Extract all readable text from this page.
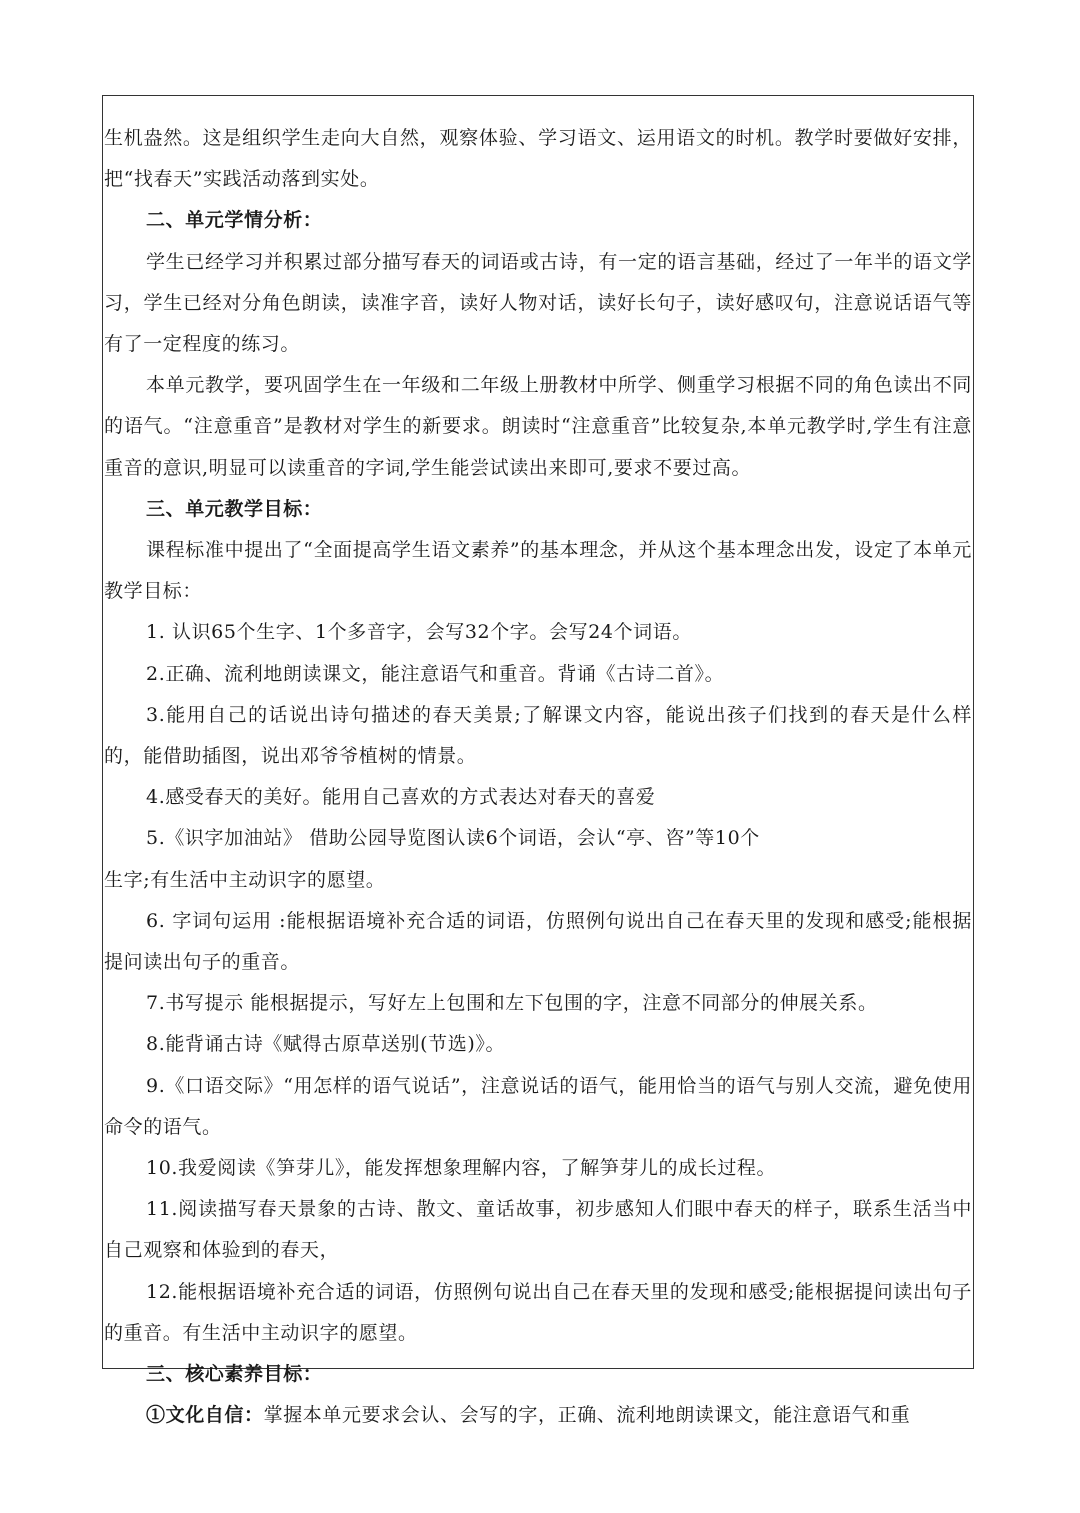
生机盎然。这是组织学生走向大自然，观察体验、学习语文、运用语文的时机。教学时要做好安排，把“找春天”实践活动落到实处。

二、单元学情分析：

学生已经学习并积累过部分描写春天的词语或古诗，有一定的语言基础，经过了一年半的语文学习，学生已经对分角色朗读，读准字音，读好人物对话，读好长句子，读好感叹句，注意说话语气等有了一定程度的练习。

本单元教学，要巩固学生在一年级和二年级上册教材中所学、侧重学习根据不同的角色读出不同的语气。“注意重音”是教材对学生的新要求。朗读时“注意重音”比较复杂,本单元教学时,学生有注意重音的意识,明显可以读重音的字词,学生能尝试读出来即可,要求不要过高。

三、单元教学目标：

课程标准中提出了“全面提高学生语文素养”的基本理念，并从这个基本理念出发，设定了本单元教学目标：

1. 认识65个生字、1个多音字，会写32个字。会写24个词语。

2.正确、流利地朗读课文，能注意语气和重音。背诵《古诗二首》。

3.能用自己的话说出诗句描述的春天美景;了解课文内容，能说出孩子们找到的春天是什么样的，能借助插图，说出邓爷爷植树的情景。

4.感受春天的美好。能用自己喜欢的方式表达对春天的喜爱

5.《识字加油站》 借助公园导览图认读6个词语，会认“亭、咨”等10个

生字;有生活中主动识字的愿望。

6. 字词句运用 :能根据语境补充合适的词语，仿照例句说出自己在春天里的发现和感受;能根据提问读出句子的重音。

7.书写提示 能根据提示，写好左上包围和左下包围的字，注意不同部分的伸展关系。

8.能背诵古诗《赋得古原草送别(节选)》。

9.《口语交际》“用怎样的语气说话”，注意说话的语气，能用恰当的语气与别人交流，避免使用命令的语气。

10.我爱阅读《笋芽儿》，能发挥想象理解内容，了解笋芽儿的成长过程。

11.阅读描写春天景象的古诗、散文、童话故事，初步感知人们眼中春天的样子，联系生活当中自己观察和体验到的春天，

12.能根据语境补充合适的词语，仿照例句说出自己在春天里的发现和感受;能根据提问读出句子的重音。有生活中主动识字的愿望。

三、核心素养目标：

①文化自信：掌握本单元要求会认、会写的字，正确、流利地朗读课文，能注意语气和重
